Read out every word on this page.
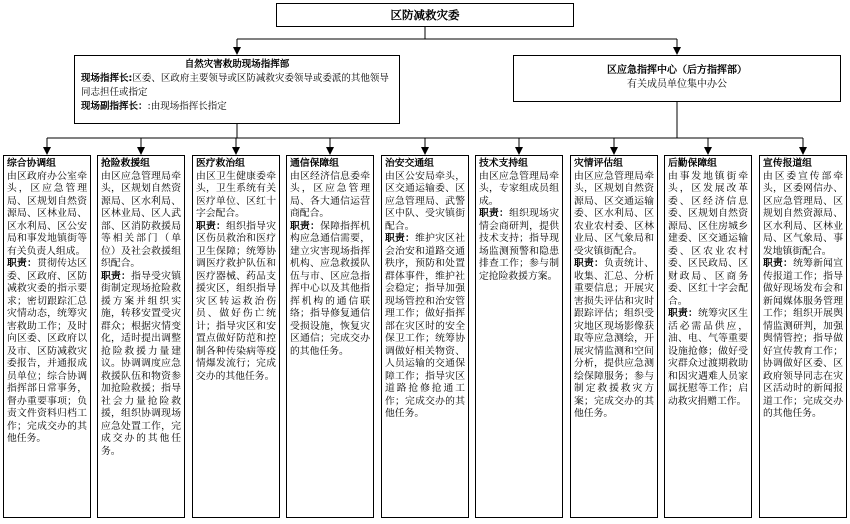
区防减救灾委
自然灾害救助现场指挥部
现场指挥长:区委、区政府主要领导或区防减救灾委领导或委派的其他领导同志担任或指定
现场副指挥长：:由现场指挥长指定
区应急指挥中心（后方指挥部）
有关成员单位集中办公
综合协调组
由区政府办公室牵头，区应急管理局、区规划自然资源局、区林业局、区水利局、区公安局和事发地镇街等有关负责人组成。
职责：贯彻传达区委、区政府、区防减救灾委的指示要求；密切跟踪汇总灾情动态，统筹灾害救助工作；及时向区委、区政府以及市、区防减救灾委报告，并通报成员单位；综合协调指挥部日常事务，督办重要事项；负责文件资料归档工作；完成交办的其他任务。
抢险救援组
由区应急管理局牵头，区规划自然资源局、区水利局、区林业局、区人武部、区消防救援局等相关部门（单位）及社会救援组织配合。
职责：指导受灾镇街制定现场抢险救援方案并组织实施，转移安置受灾群众；根据灾情变化，适时提出调整抢险救援力量建议。协调调度应急救援队伍和物资参加抢险救援；指导社会力量抢险救援，组织协调现场应急处置工作，完成交办的其他任务。
医疗救治组
由区卫生健康委牵头，卫生系统有关医疗单位、区红十字会配合。
职责：组织指导灾区伤员救治和医疗卫生保障；统筹协调医疗救护队伍和医疗器械、药品支援灾区，组织指导灾区转运救治伤员、做好伤亡统计；指导灾区和安置点做好防范和控制各种传染病等疫情爆发流行；完成交办的其他任务。
通信保障组
由区经济信息委牵头，区应急管理局、各大通信运营商配合。
职责：保障指挥机构应急通信需要，建立灾害现场指挥机构、应急救援队伍与市、区应急指挥中心以及其他指挥机构的通信联络；指导修复通信受损设施，恢复灾区通信；完成交办的其他任务。
治安交通组
由区公安局牵头，区交通运输委、区应急管理局、武警区中队、受灾镇街配合。
职责：维护灾区社会治安和道路交通秩序，预防和处置群体事件，维护社会稳定；指导加强现场管控和治安管理工作；做好指挥部在灾区时的安全保卫工作；统筹协调做好相关物资、人员运输的交通保障工作；指导灾区道路抢修抢通工作；完成交办的其他任务。
技术支持组
由区应急管理局牵头，专家组成员组成。
职责：组织现场灾情会商研判，提供技术支持；指导现场监测预警和隐患排查工作；参与制定抢险救援方案。
灾情评估组
由区应急管理局牵头，区规划自然资源局、区交通运输委、区水利局、区农业农村委、区林业局、区气象局和受灾镇街配合。
职责：负责统计、收集、汇总、分析重要信息；开展灾害损失评估和灾时跟踪评估；组织受灾地区现场影像获取等应急测绘，开展灾情监测和空间分析，提供应急测绘保障服务；参与制定救援救灾方案；完成交办的其他任务。
后勤保障组
由事发地镇街牵头，区发展改革委、区经济信息委、区规划自然资源局、区住房城乡建委、区交通运输委、区农业农村委、区民政局、区财政局、区商务委、区红十字会配合。
职责：统筹灾区生活必需品供应，油、电、气等重要设施抢修；做好受灾群众过渡期救助和因灾遇难人员家属抚慰等工作；启动救灾捐赠工作。
宣传报道组
由区委宣传部牵头，区委网信办、区应急管理局、区规划自然资源局、区水利局、区林业局、区气象局、事发地镇街配合。
职责：统筹新闻宣传报道工作；指导做好现场发布会和新闻媒体服务管理工作；组织开展舆情监测研判，加强舆情管控；指导做好宣传教育工作；协调做好区委、区政府领导同志在灾区活动时的新闻报道工作；完成交办的其他任务。
